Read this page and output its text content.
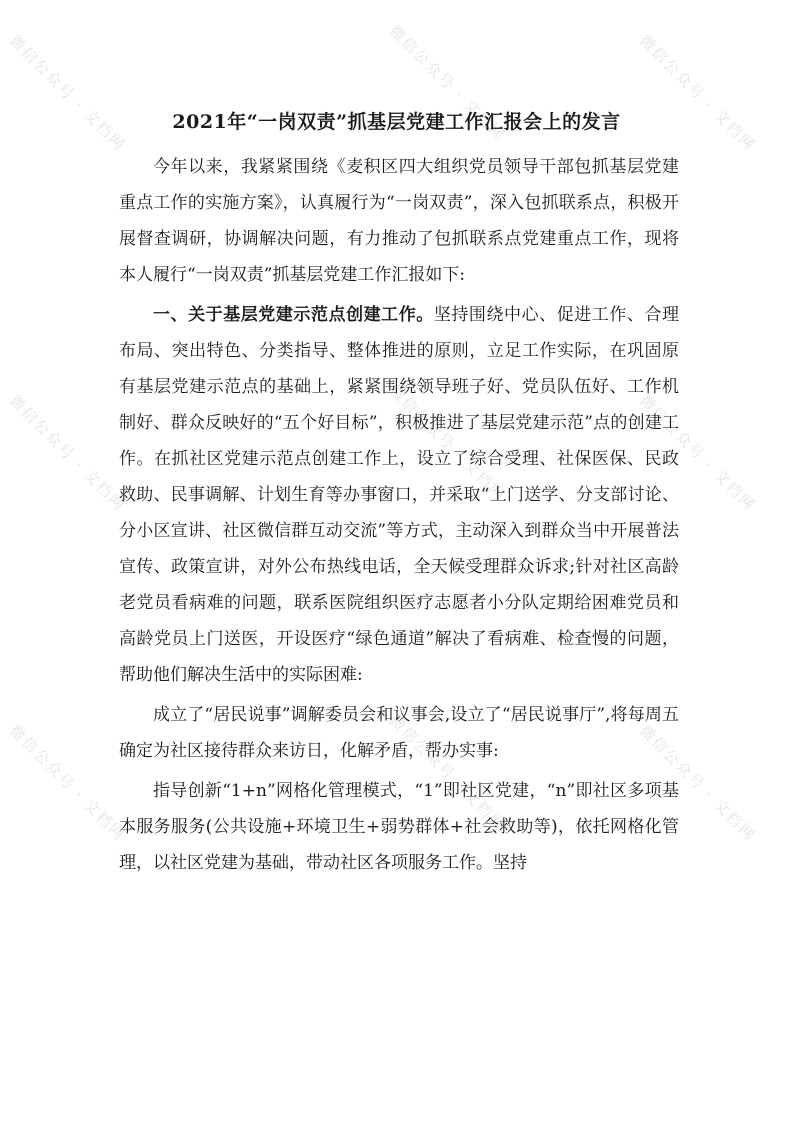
微信公众号 · 文档网	微信公众号 · 文档网	微信公众号 · 文档网
微信公众号 · 文档网	微信公众号 · 文档网	微信公众号 · 文档网
微信公众号 · 文档网	微信公众号 · 文档网	微信公众号 · 文档网
2021年“一岗双责”抓基层党建工作汇报会上的发言

今年以来，我紧紧围绕《麦积区四大组织党员领导干部包抓基层党建重点工作的实施方案》，认真履行为“一岗双责”，深入包抓联系点，积极开展督查调研，协调解决问题，有力推动了包抓联系点党建重点工作，现将本人履行“一岗双责”抓基层党建工作汇报如下:

一、关于基层党建示范点创建工作。坚持围绕中心、促进工作、合理布局、突出特色、分类指导、整体推进的原则，立足工作实际，在巩固原有基层党建示范点的基础上，紧紧围绕领导班子好、党员队伍好、工作机制好、群众反映好的“五个好目标”，积极推进了基层党建示范”点的创建工作。在抓社区党建示范点创建工作上，设立了综合受理、社保医保、民政救助、民事调解、计划生育等办事窗口，并采取“上门送学、分支部讨论、分小区宣讲、社区微信群互动交流”等方式，主动深入到群众当中开展普法宣传、政策宣讲，对外公布热线电话，全天候受理群众诉求;针对社区高龄老党员看病难的问题，联系医院组织医疗志愿者小分队定期给困难党员和高龄党员上门送医，开设医疗“绿色通道”解决了看病难、检查慢的问题，帮助他们解决生活中的实际困难:

成立了“居民说事”调解委员会和议事会,设立了“居民说事厅”,将每周五确定为社区接待群众来访日，化解矛盾，帮办实事:

指导创新“1+n”网格化管理模式，“1”即社区党建，“n”即社区多项基本服务服务(公共设施+环境卫生+弱势群体+社会救助等)，依托网格化管理，以社区党建为基础，带动社区各项服务工作。坚持
